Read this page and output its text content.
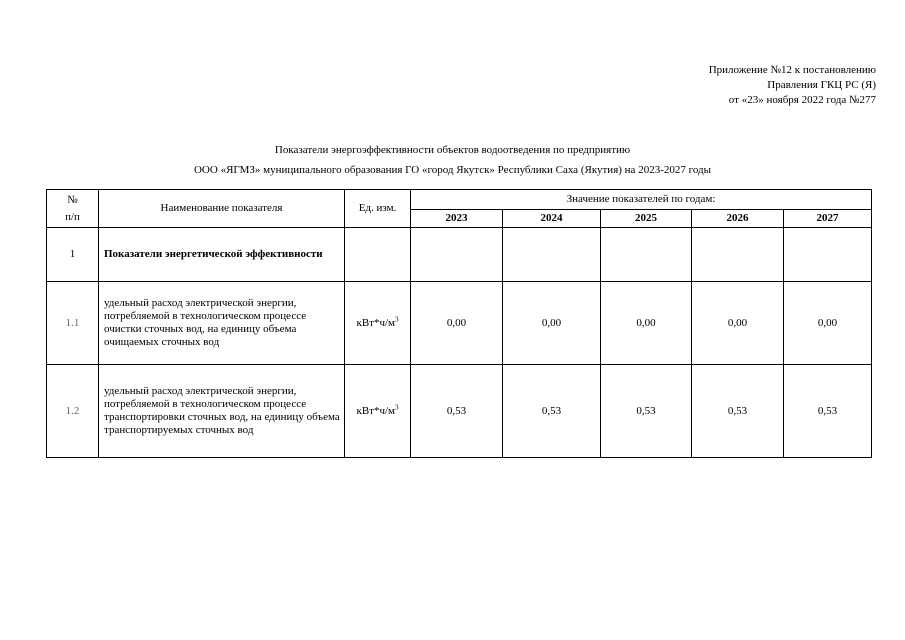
Приложение №12 к постановлению
Правления ГКЦ РС (Я)
от «23» ноября 2022 года №277
Показатели энергоэффективности объектов водоотведения по предприятию
ООО «ЯГМЗ» муниципального образования ГО «город Якутск» Республики Саха (Якутия) на 2023-2027 годы
№
п/п	Наименование показателя	Ед. изм.	Значение показателей по годам:				
			2023	2024	2025	2026	2027
1	Показатели энергетической эффективности						
1.1	удельный расход электрической энергии, потребляемой в технологическом процессе очистки сточных вод, на единицу объема очищаемых сточных вод	$кВт*ч/м^3$	0,00	0,00	0,00	0,00	0,00
1.2	удельный расход электрической энергии, потребляемой в технологическом процессе транспортировки сточных вод, на единицу объема транспортируемых сточных вод	$кВт*ч/м^3$	0,53	0,53	0,53	0,53	0,53
